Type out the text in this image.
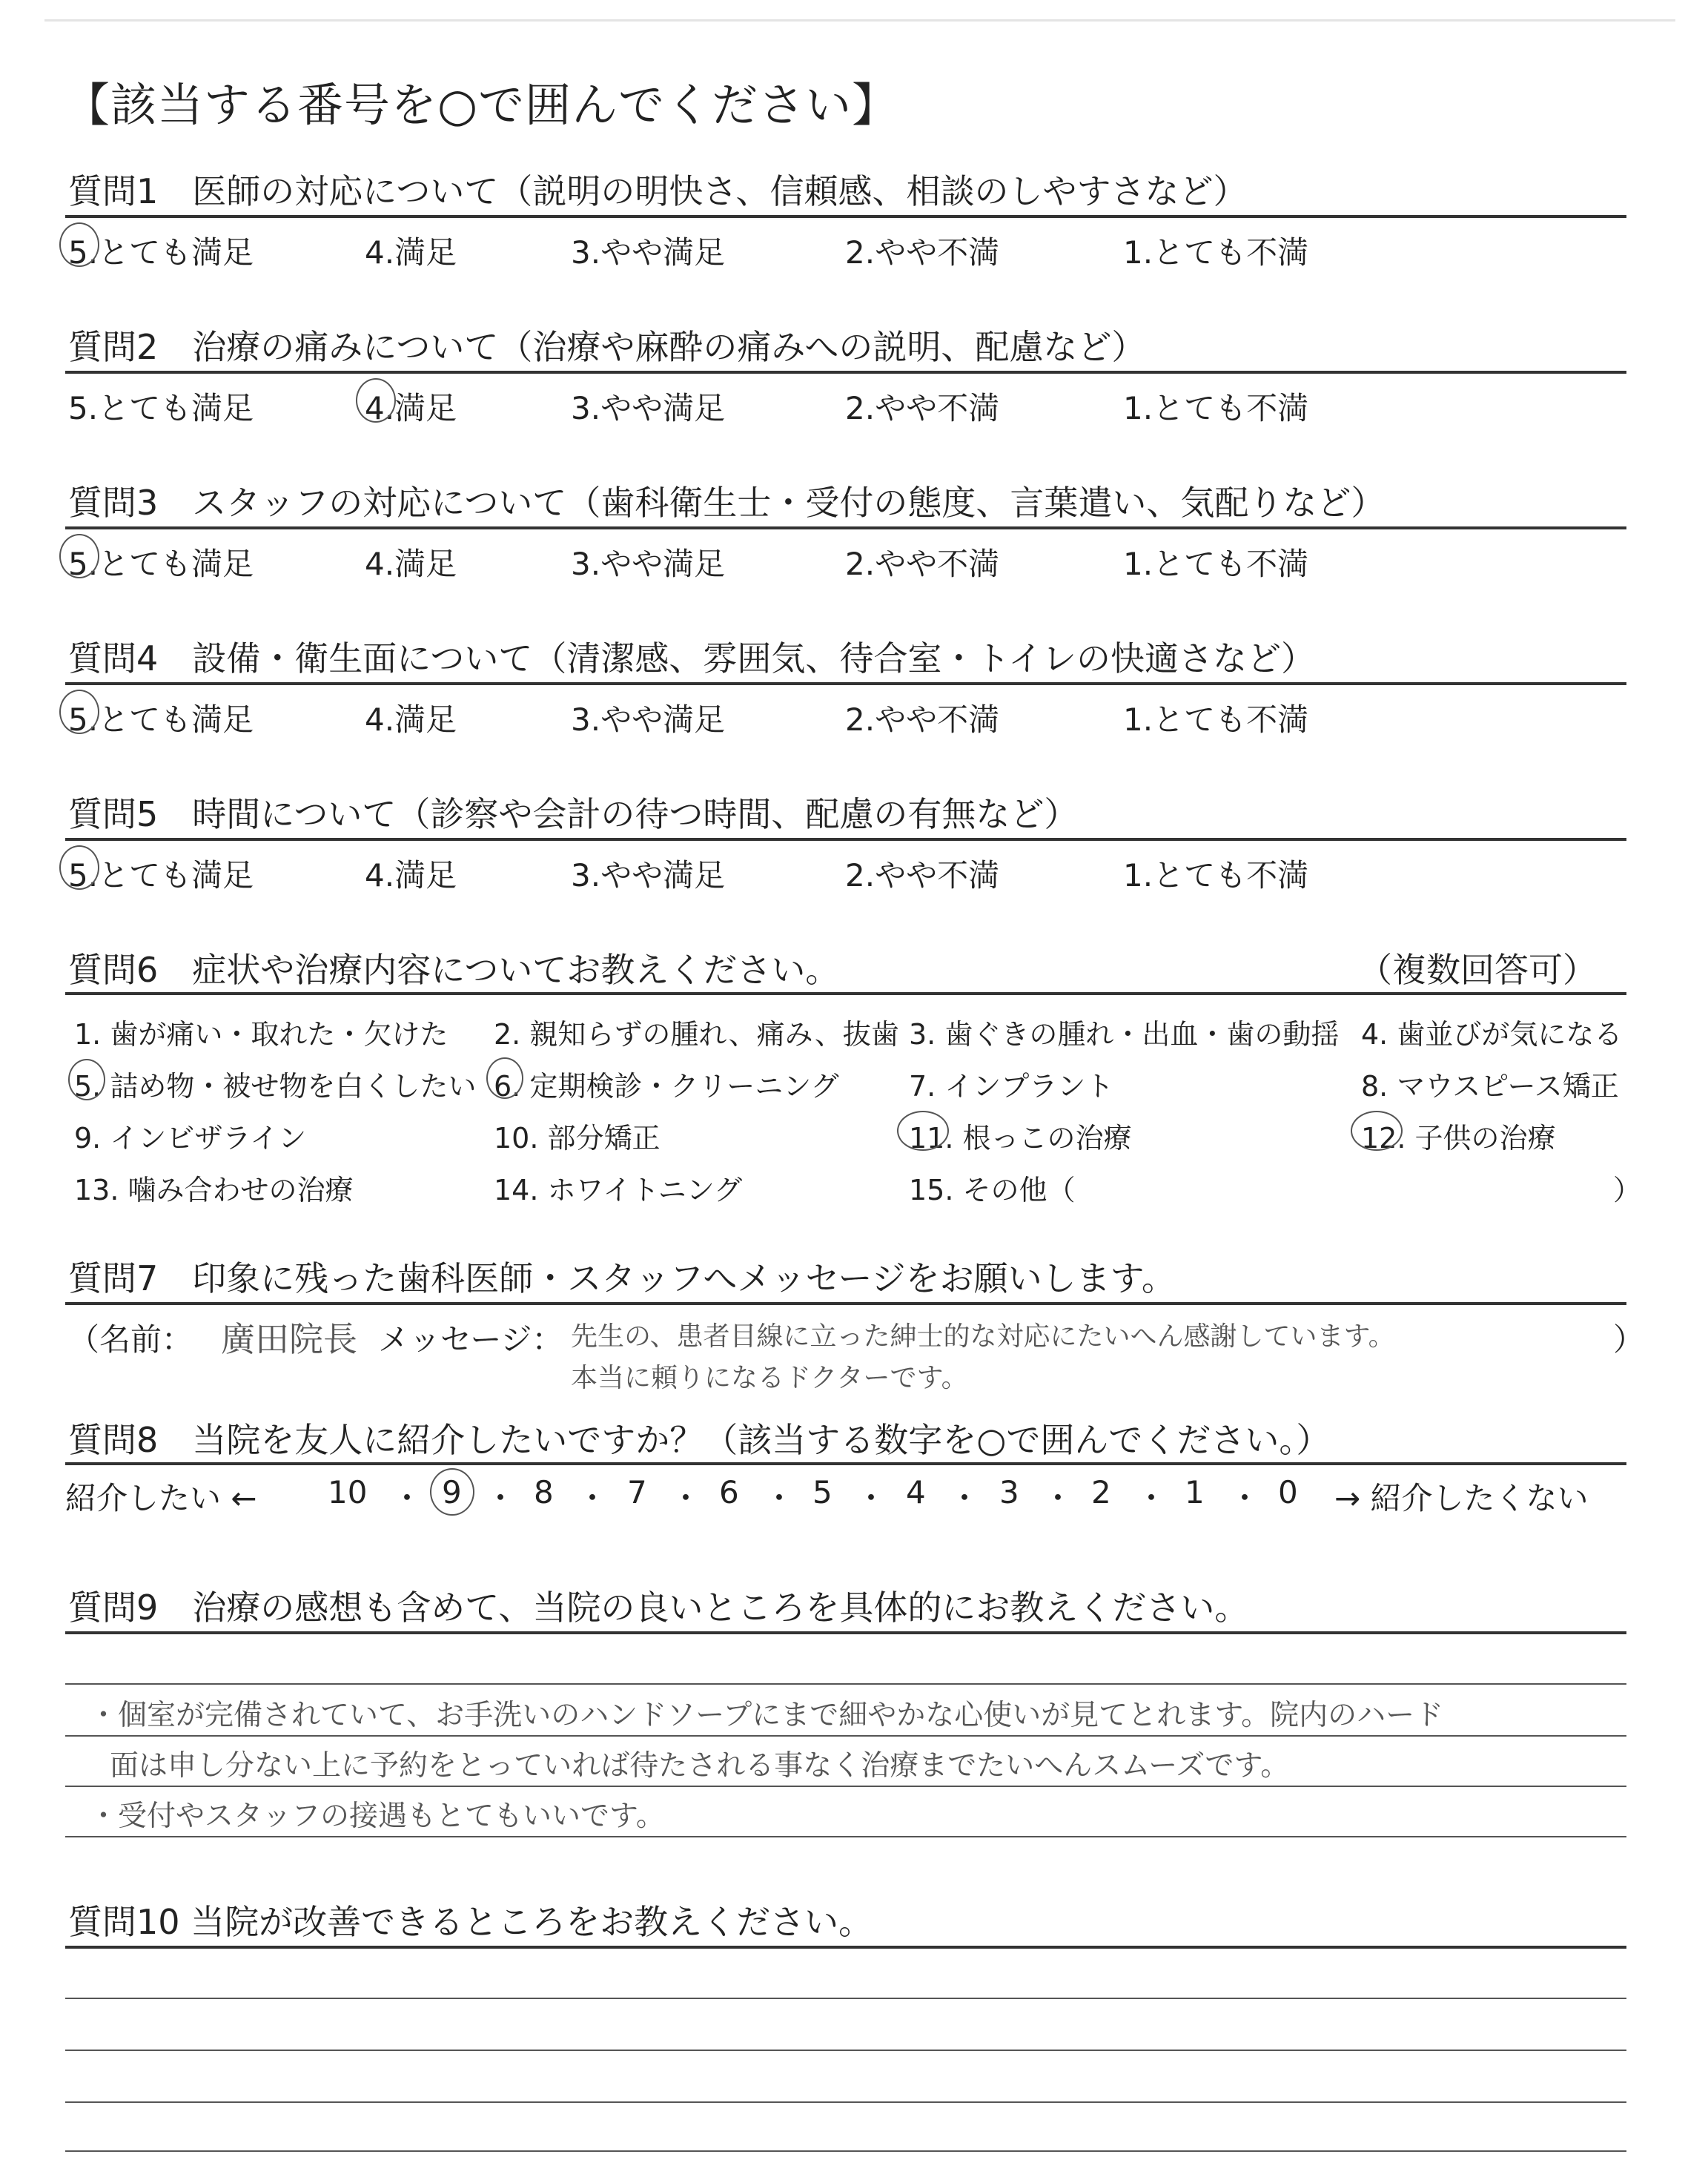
【該当する番号を○で囲んでください】
質問1　医師の対応について（説明の明快さ、信頼感、相談のしやすさなど）
5.とても満足	4.満足	3.やや満足	2.やや不満	1.とても不満
質問2　治療の痛みについて（治療や麻酔の痛みへの説明、配慮など）
5.とても満足	4.満足	3.やや満足	2.やや不満	1.とても不満
質問3　スタッフの対応について（歯科衛生士・受付の態度、言葉遣い、気配りなど）
5.とても満足	4.満足	3.やや満足	2.やや不満	1.とても不満
質問4　設備・衛生面について（清潔感、雰囲気、待合室・トイレの快適さなど）
5.とても満足	4.満足	3.やや満足	2.やや不満	1.とても不満
質問5　時間について（診察や会計の待つ時間、配慮の有無など）
5.とても満足	4.満足	3.やや満足	2.やや不満	1.とても不満
質問6　症状や治療内容についてお教えください。	（複数回答可）
1. 歯が痛い・取れた・欠けた 2. 親知らずの腫れ、痛み、抜歯 3. 歯ぐきの腫れ・出血・歯の動揺 4. 歯並びが気になる
5. 詰め物・被せ物を白くしたい 6. 定期検診・クリーニング 7. インプラント	8. マウスピース矯正
9. インビザライン	10. 部分矯正	11. 根っこの治療	12. 子供の治療
13. 噛み合わせの治療	14. ホワイトニング	15. その他（	）
質問7　印象に残った歯科医師・スタッフへメッセージをお願いします。
（名前： 廣田院長 メッセージ： 先生の、患者目線に立った紳士的な対応にたいへん感謝しています。
本当に頼りになるドクターです。
）
質問8　当院を友人に紹介したいですか？（該当する数字を○で囲んでください。）
紹介したい ← 10 ・ 9 ・ 8 ・ 7 ・ 6 ・ 5 ・ 4 ・ 3 ・ 2 ・ 1 ・ 0 → 紹介したくない
質問9　治療の感想も含めて、当院の良いところを具体的にお教えください。
・個室が完備されていて、お手洗いのハンドソープにまで細やかな心使いが見てとれます。院内のハード
面は申し分ない上に予約をとっていれば待たされる事なく治療までたいへんスムーズです。
・受付やスタッフの接遇もとてもいいです。
質問10 当院が改善できるところをお教えください。
